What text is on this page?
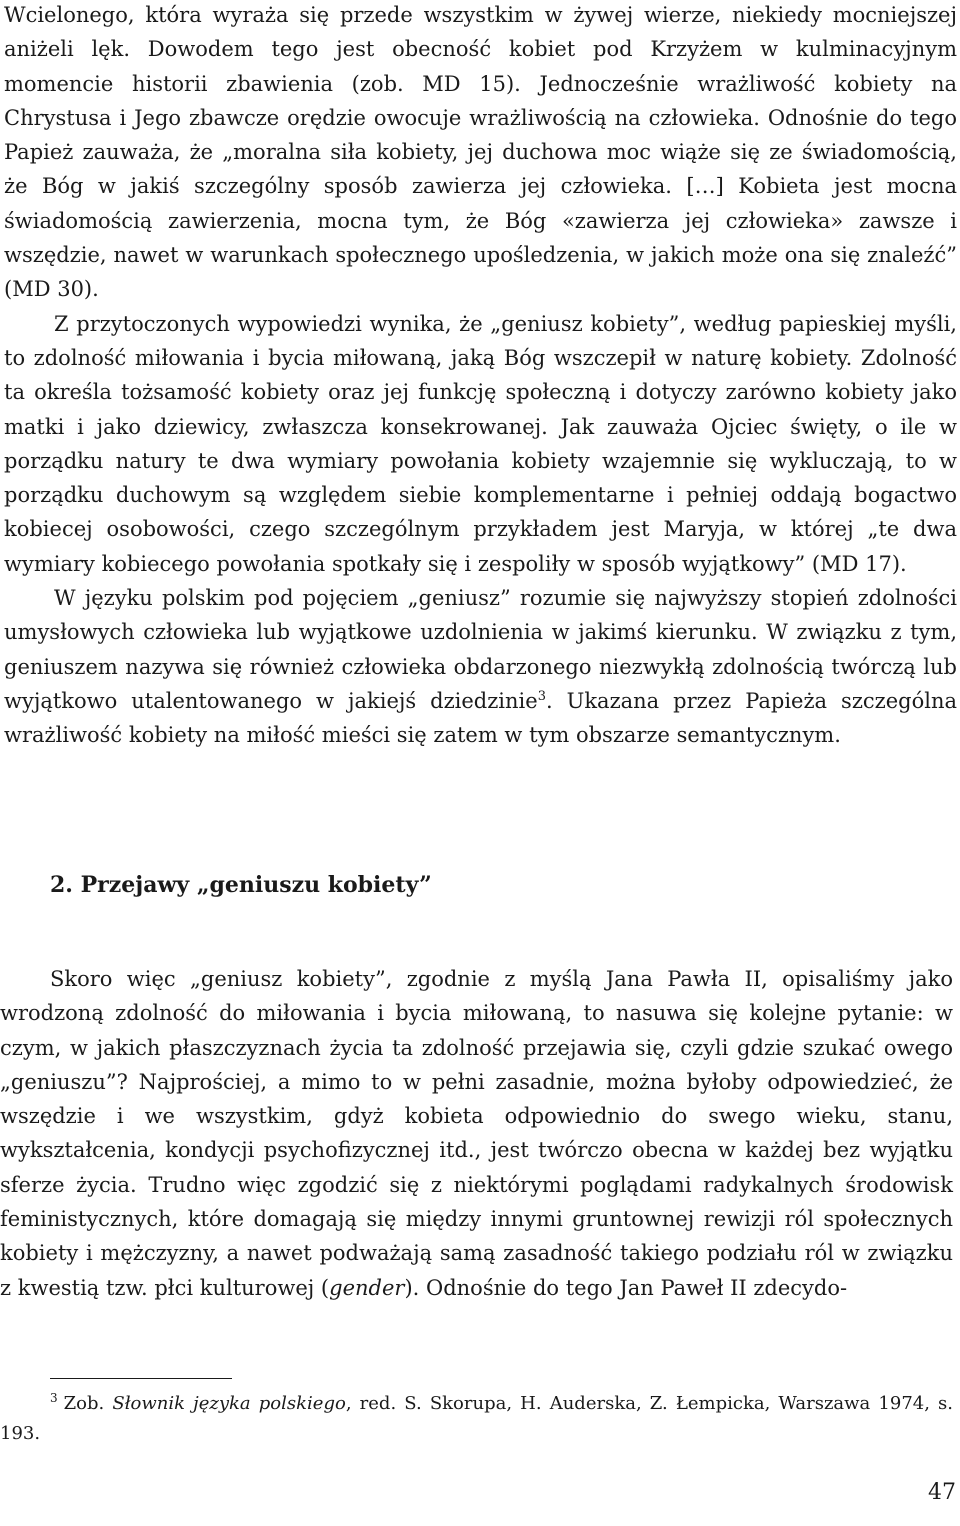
Wcielonego, która wyraża się przede wszystkim w żywej wierze, niekiedy mocniejszej aniżeli lęk. Dowodem tego jest obecność kobiet pod Krzyżem w kulminacyjnym momencie historii zbawienia (zob. MD 15). Jednocześnie wrażliwość kobiety na Chrystusa i Jego zbawcze orędzie owocuje wrażliwością na człowieka. Odnośnie do tego Papież zauważa, że „moralna siła kobiety, jej duchowa moc wiąże się ze świadomością, że Bóg w jakiś szczególny sposób zawierza jej człowieka. […] Kobieta jest mocna świadomością zawierzenia, mocna tym, że Bóg «zawierza jej człowieka» zawsze i wszędzie, nawet w warunkach społecznego upośledzenia, w jakich może ona się znaleźć” (MD 30).

Z przytoczonych wypowiedzi wynika, że „geniusz kobiety”, według papieskiej myśli, to zdolność miłowania i bycia miłowaną, jaką Bóg wszczepił w naturę kobiety. Zdolność ta określa tożsamość kobiety oraz jej funkcję społeczną i dotyczy zarówno kobiety jako matki i jako dziewicy, zwłaszcza konsekrowanej. Jak zauważa Ojciec święty, o ile w porządku natury te dwa wymiary powołania kobiety wzajemnie się wykluczają, to w porządku duchowym są względem siebie komplementarne i pełniej oddają bogactwo kobiecej osobowości, czego szczególnym przykładem jest Maryja, w której „te dwa wymiary kobiecego powołania spotkały się i zespoliły w sposób wyjątkowy” (MD 17).

W języku polskim pod pojęciem „geniusz” rozumie się najwyższy stopień zdolności umysłowych człowieka lub wyjątkowe uzdolnienia w jakimś kierunku. W związku z tym, geniuszem nazywa się również człowieka obdarzonego niezwykłą zdolnością twórczą lub wyjątkowo utalentowanego w jakiejś dziedzinie$^3$. Ukazana przez Papieża szczególna wrażliwość kobiety na miłość mieści się zatem w tym obszarze semantycznym.

2. Przejawy „geniuszu kobiety”

Skoro więc „geniusz kobiety”, zgodnie z myślą Jana Pawła II, opisaliśmy jako wrodzoną zdolność do miłowania i bycia miłowaną, to nasuwa się kolejne pytanie: w czym, w jakich płaszczyznach życia ta zdolność przejawia się, czyli gdzie szukać owego „geniuszu”? Najprościej, a mimo to w pełni zasadnie, można byłoby odpowiedzieć, że wszędzie i we wszystkim, gdyż kobieta odpowiednio do swego wieku, stanu, wykształcenia, kondycji psychofizycznej itd., jest twórczo obecna w każdej bez wyjątku sferze życia. Trudno więc zgodzić się z niektórymi poglądami radykalnych środowisk feministycznych, które domagają się między innymi gruntownej rewizji ról społecznych kobiety i mężczyzny, a nawet podważają samą zasadność takiego podziału ról w związku z kwestią tzw. płci kulturowej (gender). Odnośnie do tego Jan Paweł II zdecydo-

$^3$ Zob. Słownik języka polskiego, red. S. Skorupa, H. Auderska, Z. Łempicka, Warszawa 1974, s. 193.

47
